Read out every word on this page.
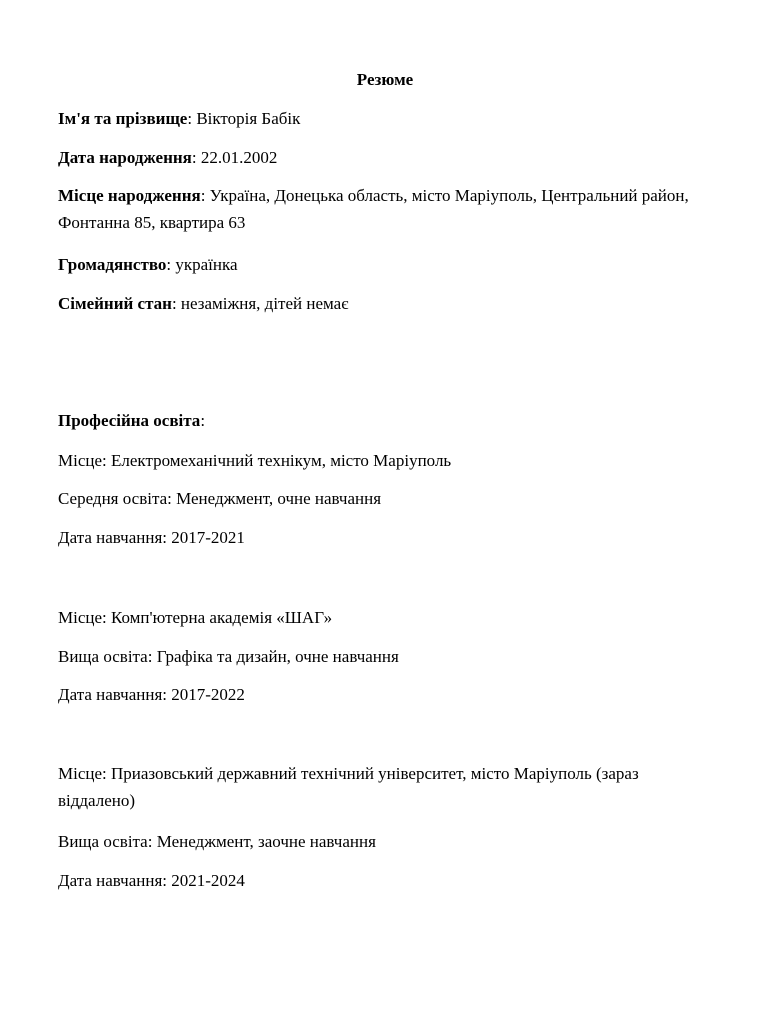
Резюме

Ім'я та прізвище: Вікторія Бабік

Дата народження: 22.01.2002

Місце народження: Україна, Донецька область, місто Маріуполь, Центральний район, Фонтанна 85, квартира 63

Громадянство: українка

Сімейний стан: незаміжня, дітей немає

Професійна освіта:

Місце: Електромеханічний технікум, місто Маріуполь

Середня освіта: Менеджмент, очне навчання

Дата навчання: 2017-2021

Місце: Комп'ютерна академія «ШАГ»

Вища освіта: Графіка та дизайн, очне навчання

Дата навчання: 2017-2022

Місце: Приазовський державний технічний університет, місто Маріуполь (зараз віддалено)

Вища освіта: Менеджмент, заочне навчання

Дата навчання: 2021-2024
